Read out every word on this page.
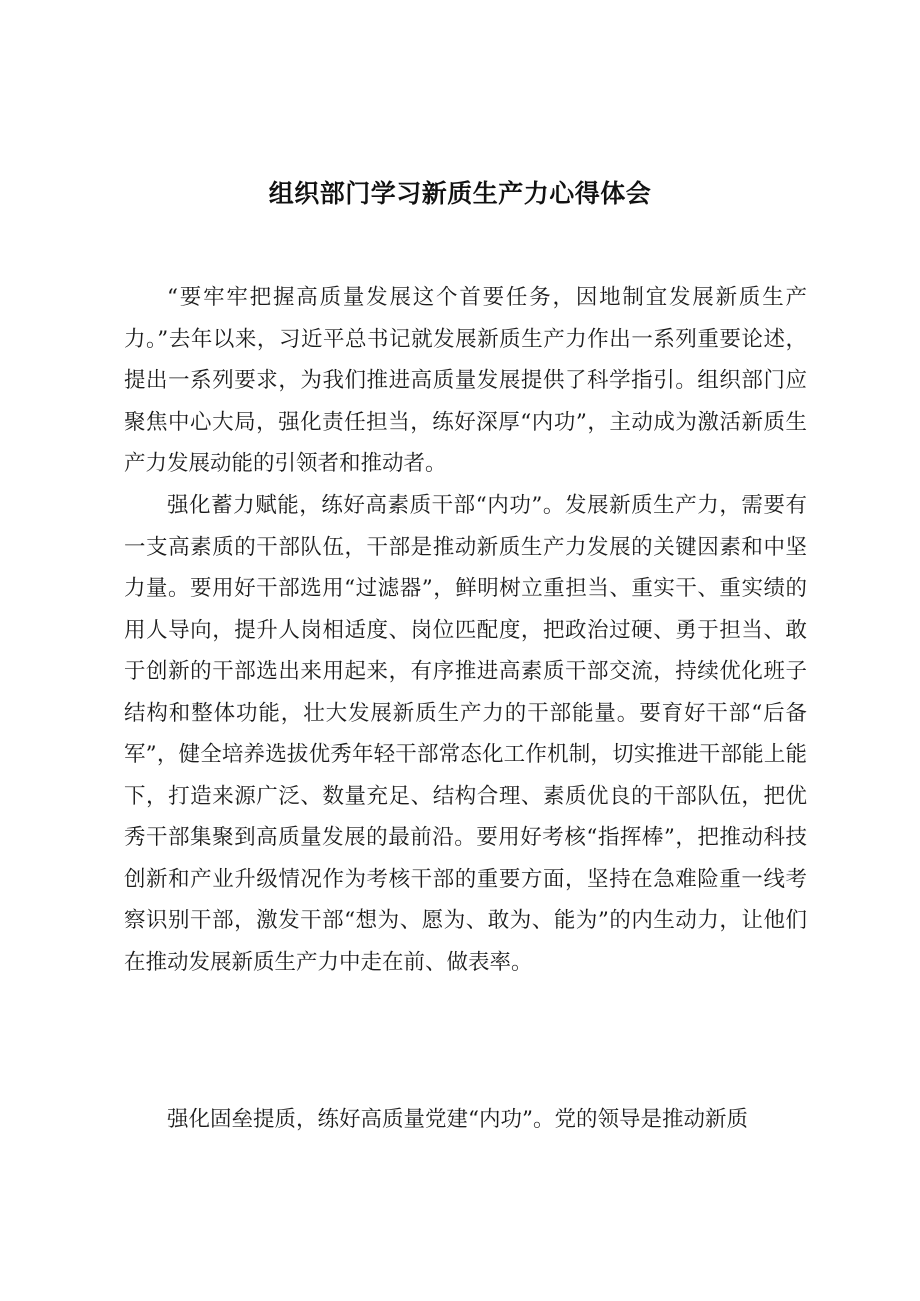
组织部门学习新质生产力心得体会

“要牢牢把握高质量发展这个首要任务，因地制宜发展新质生产力。”去年以来，习近平总书记就发展新质生产力作出一系列重要论述，提出一系列要求，为我们推进高质量发展提供了科学指引。组织部门应聚焦中心大局，强化责任担当，练好深厚“内功”，主动成为激活新质生产力发展动能的引领者和推动者。

强化蓄力赋能，练好高素质干部“内功”。发展新质生产力，需要有一支高素质的干部队伍，干部是推动新质生产力发展的关键因素和中坚力量。要用好干部选用“过滤器”，鲜明树立重担当、重实干、重实绩的用人导向，提升人岗相适度、岗位匹配度，把政治过硬、勇于担当、敢于创新的干部选出来用起来，有序推进高素质干部交流，持续优化班子结构和整体功能，壮大发展新质生产力的干部能量。要育好干部“后备军”，健全培养选拔优秀年轻干部常态化工作机制，切实推进干部能上能下，打造来源广泛、数量充足、结构合理、素质优良的干部队伍，把优秀干部集聚到高质量发展的最前沿。要用好考核“指挥棒”，把推动科技创新和产业升级情况作为考核干部的重要方面，坚持在急难险重一线考察识别干部，激发干部“想为、愿为、敢为、能为”的内生动力，让他们在推动发展新质生产力中走在前、做表率。

强化固垒提质，练好高质量党建“内功”。党的领导是推动新质
